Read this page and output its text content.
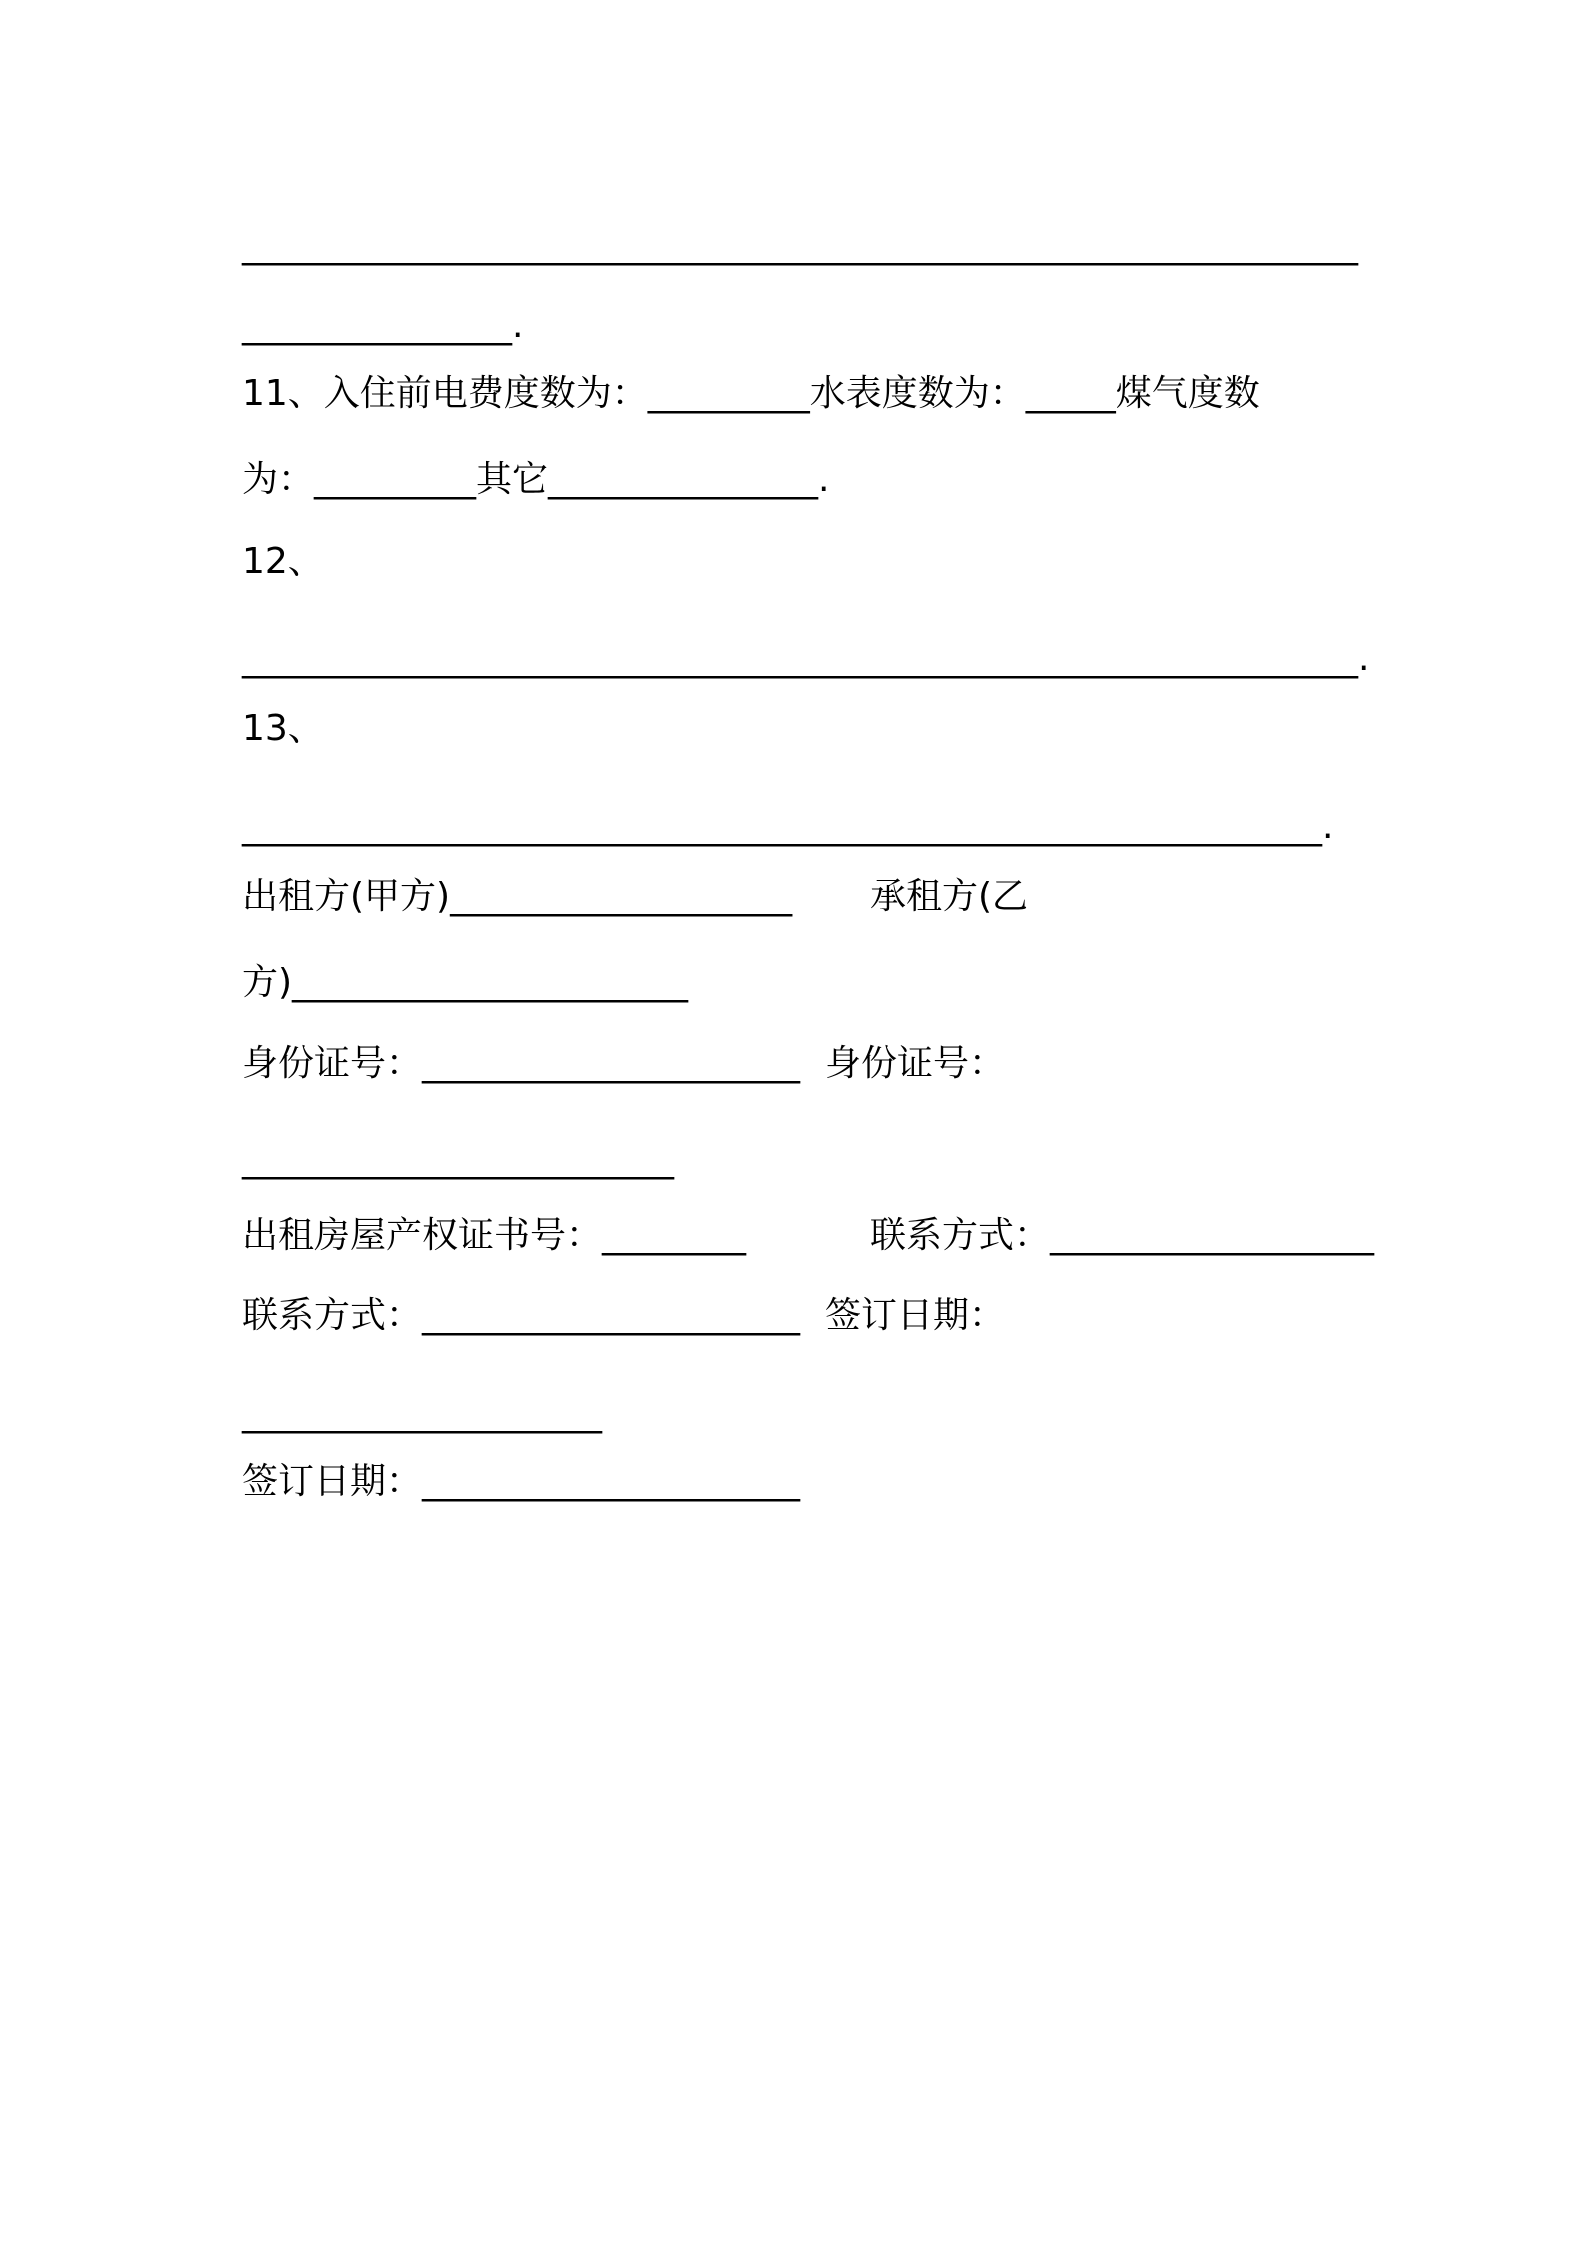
______________________________________________________________
_______________.
11、入住前电费度数为：_________水表度数为：_____煤气度数
为：_________其它_______________.
12、
______________________________________________________________.
13、
____________________________________________________________.
出租方(甲方)___________________ 承租方(乙
方)______________________
身份证号：_____________________ 身份证号：
________________________
出租房屋产权证书号：________	联系方式：__________________
联系方式：_____________________ 签订日期：
____________________
签订日期：_____________________
